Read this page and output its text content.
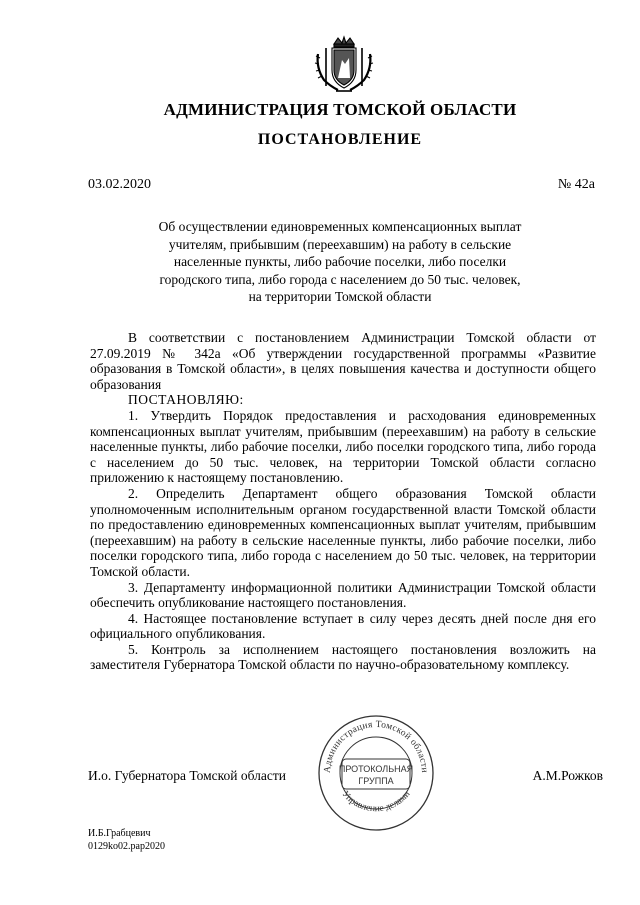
АДМИНИСТРАЦИЯ ТОМСКОЙ ОБЛАСТИ
ПОСТАНОВЛЕНИЕ
03.02.2020	№ 42а
Об осуществлении единовременных компенсационных выплат
учителям, прибывшим (переехавшим) на работу в сельские
населенные пункты, либо рабочие поселки, либо поселки
городского типа, либо города с населением до 50 тыс. человек,
на территории Томской области

В соответствии с постановлением Администрации Томской области от 27.09.2019 № 342а «Об утверждении государственной программы «Развитие образования в Томской области», в целях повышения качества и доступности общего образования

ПОСТАНОВЛЯЮ:

1. Утвердить Порядок предоставления и расходования единовременных компенсационных выплат учителям, прибывшим (переехавшим) на работу в сельские населенные пункты, либо рабочие поселки, либо поселки городского типа, либо города с населением до 50 тыс. человек, на территории Томской области согласно приложению к настоящему постановлению.

2. Определить Департамент общего образования Томской области уполномоченным исполнительным органом государственной власти Томской области по предоставлению единовременных компенсационных выплат учителям, прибывшим (переехавшим) на работу в сельские населенные пункты, либо рабочие поселки, либо поселки городского типа, либо города с населением до 50 тыс. человек, на территории Томской области.

3. Департаменту информационной политики Администрации Томской области обеспечить опубликование настоящего постановления.

4. Настоящее постановление вступает в силу через десять дней после дня его официального опубликования.

5. Контроль за исполнением настоящего постановления возложить на заместителя Губернатора Томской области по научно-образовательному комплексу.

И.о. Губернатора Томской области	А.М.Рожков
Администрация Томской области
Управление делами
ПРОТОКОЛЬНАЯ
ГРУППА
И.Б.Грабцевич
0129ko02.pap2020
